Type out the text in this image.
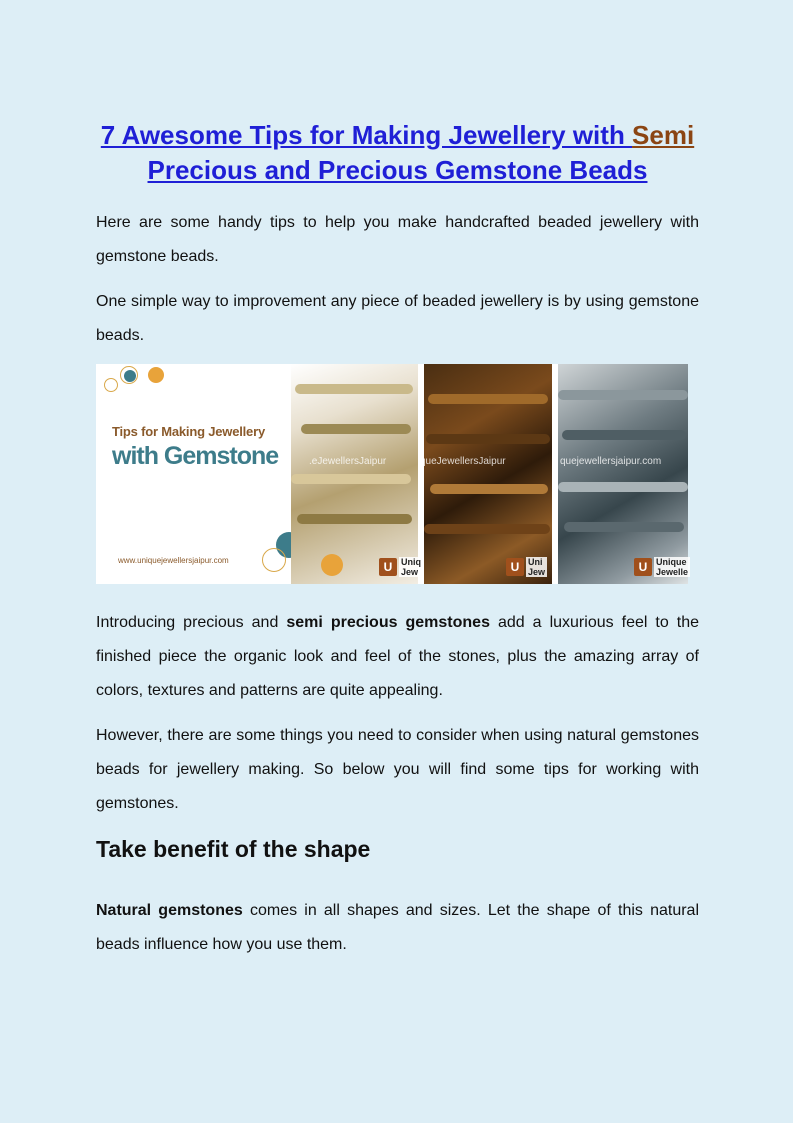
7 Awesome Tips for Making Jewellery with Semi
Precious and Precious Gemstone Beads

Here are some handy tips to help you make handcrafted beaded jewellery with gemstone beads.

One simple way to improvement any piece of beaded jewellery is by using gemstone beads.

Tips for Making Jewellery
with Gemstone
www.uniquejewellersjaipur.com
.eJewellersJaipur
U Uniq
Jew
queJewellersJaipur
U Uni
Jew
quejewellersjaipur.com
U Unique
Jewelle

Introducing precious and semi precious gemstones add a luxurious feel to the finished piece the organic look and feel of the stones, plus the amazing array of colors, textures and patterns are quite appealing.

However, there are some things you need to consider when using natural gemstones beads for jewellery making. So below you will find some tips for working with gemstones.

Take benefit of the shape

Natural gemstones comes in all shapes and sizes. Let the shape of this natural beads influence how you use them.
